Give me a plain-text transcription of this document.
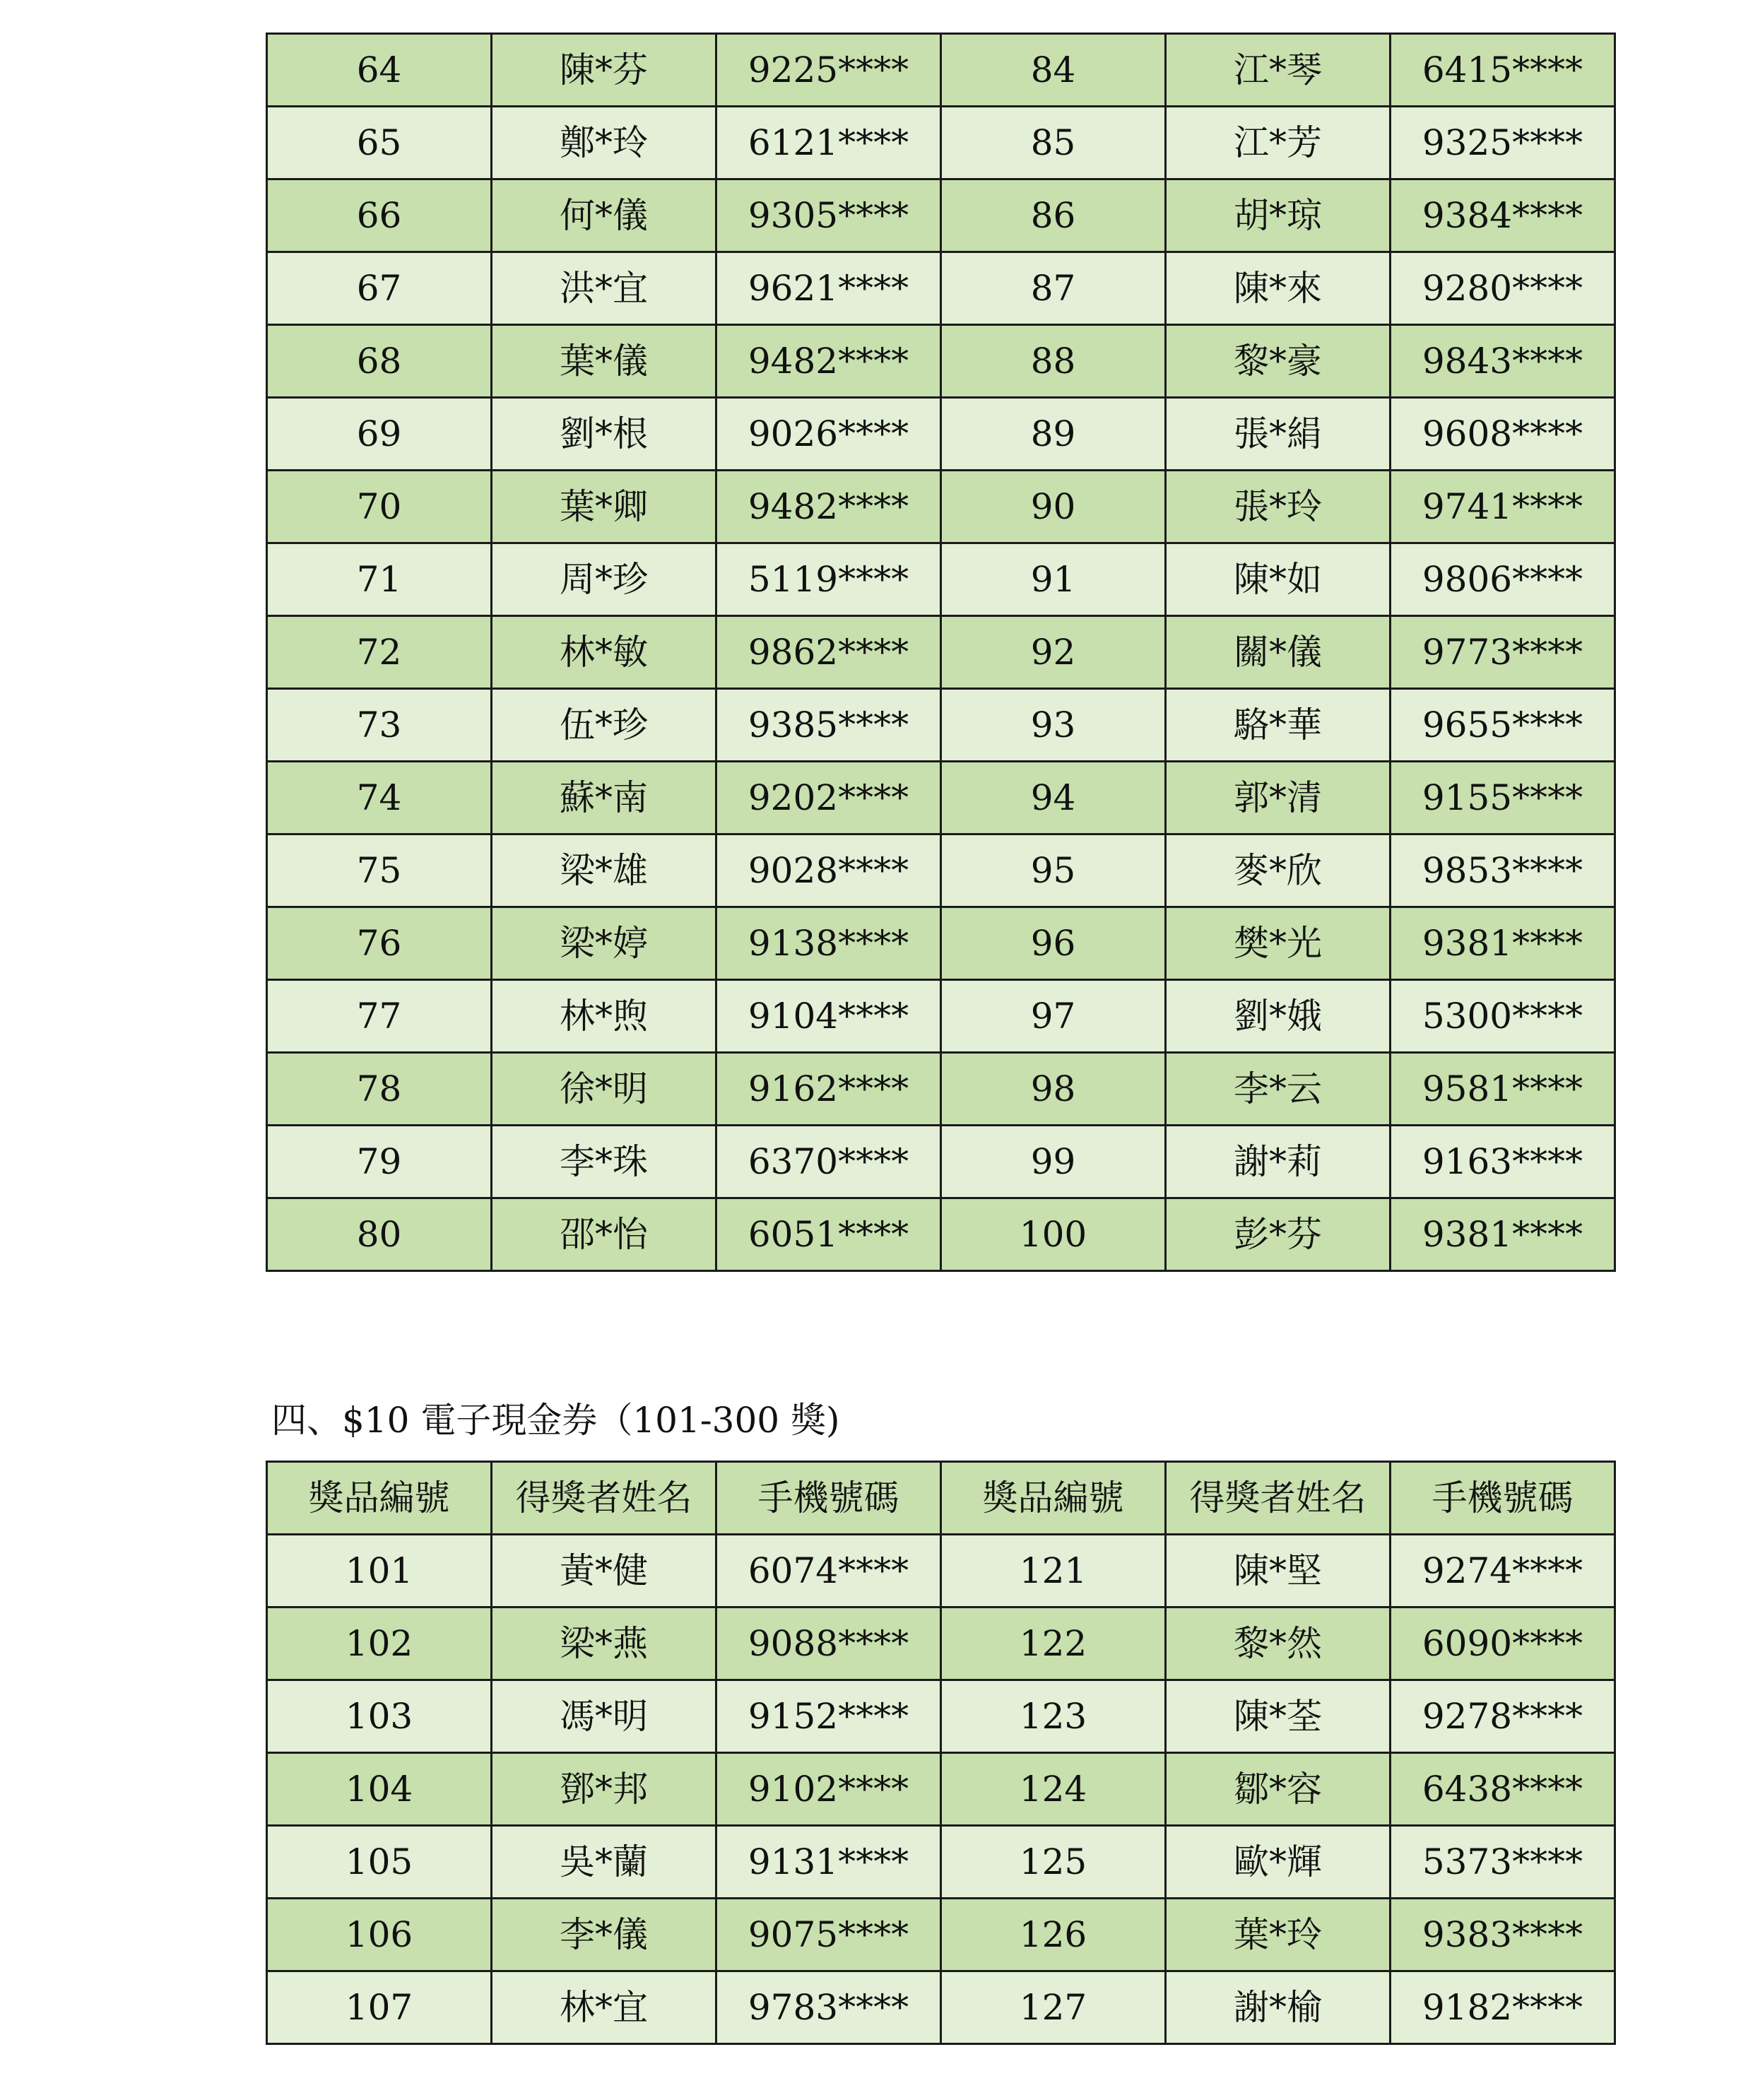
64	陳*芬	9225****	84	江*琴	6415****
65	鄭*玲	6121****	85	江*芳	9325****
66	何*儀	9305****	86	胡*琼	9384****
67	洪*宜	9621****	87	陳*來	9280****
68	葉*儀	9482****	88	黎*豪	9843****
69	劉*根	9026****	89	張*絹	9608****
70	葉*卿	9482****	90	張*玲	9741****
71	周*珍	5119****	91	陳*如	9806****
72	林*敏	9862****	92	關*儀	9773****
73	伍*珍	9385****	93	駱*華	9655****
74	蘇*南	9202****	94	郭*清	9155****
75	梁*雄	9028****	95	麥*欣	9853****
76	梁*婷	9138****	96	樊*光	9381****
77	林*煦	9104****	97	劉*娥	5300****
78	徐*明	9162****	98	李*云	9581****
79	李*珠	6370****	99	謝*莉	9163****
80	邵*怡	6051****	100	彭*芬	9381****
四、$10 電子現金券（101-300 獎)
獎品編號	得獎者姓名	手機號碼	獎品編號	得獎者姓名	手機號碼
101	黃*健	6074****	121	陳*堅	9274****
102	梁*燕	9088****	122	黎*然	6090****
103	馮*明	9152****	123	陳*荃	9278****
104	鄧*邦	9102****	124	鄒*容	6438****
105	吳*蘭	9131****	125	歐*輝	5373****
106	李*儀	9075****	126	葉*玲	9383****
107	林*宜	9783****	127	謝*榆	9182****
